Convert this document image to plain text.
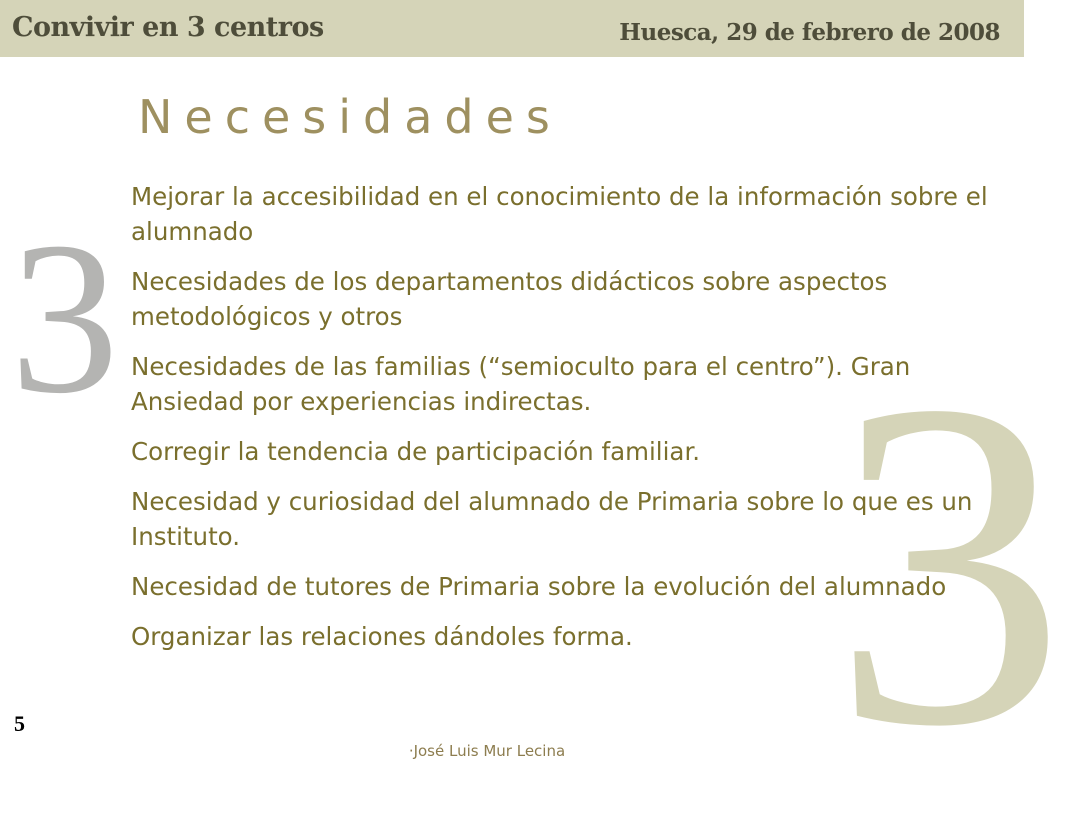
Convivir en 3 centros	Huesca, 29 de febrero de 2008
3 3
Necesidades
Mejorar la accesibilidad en el conocimiento de la información sobre el alumnado
Necesidades de los departamentos didácticos sobre aspectos metodológicos y otros
Necesidades de las familias (“semioculto para el centro”). Gran Ansiedad por experiencias indirectas.
Corregir la tendencia de participación familiar.
Necesidad y curiosidad del alumnado de Primaria sobre lo que es un Instituto.
Necesidad de tutores de Primaria sobre la evolución del alumnado
Organizar las relaciones dándoles forma.
5
·José Luis Mur Lecina
